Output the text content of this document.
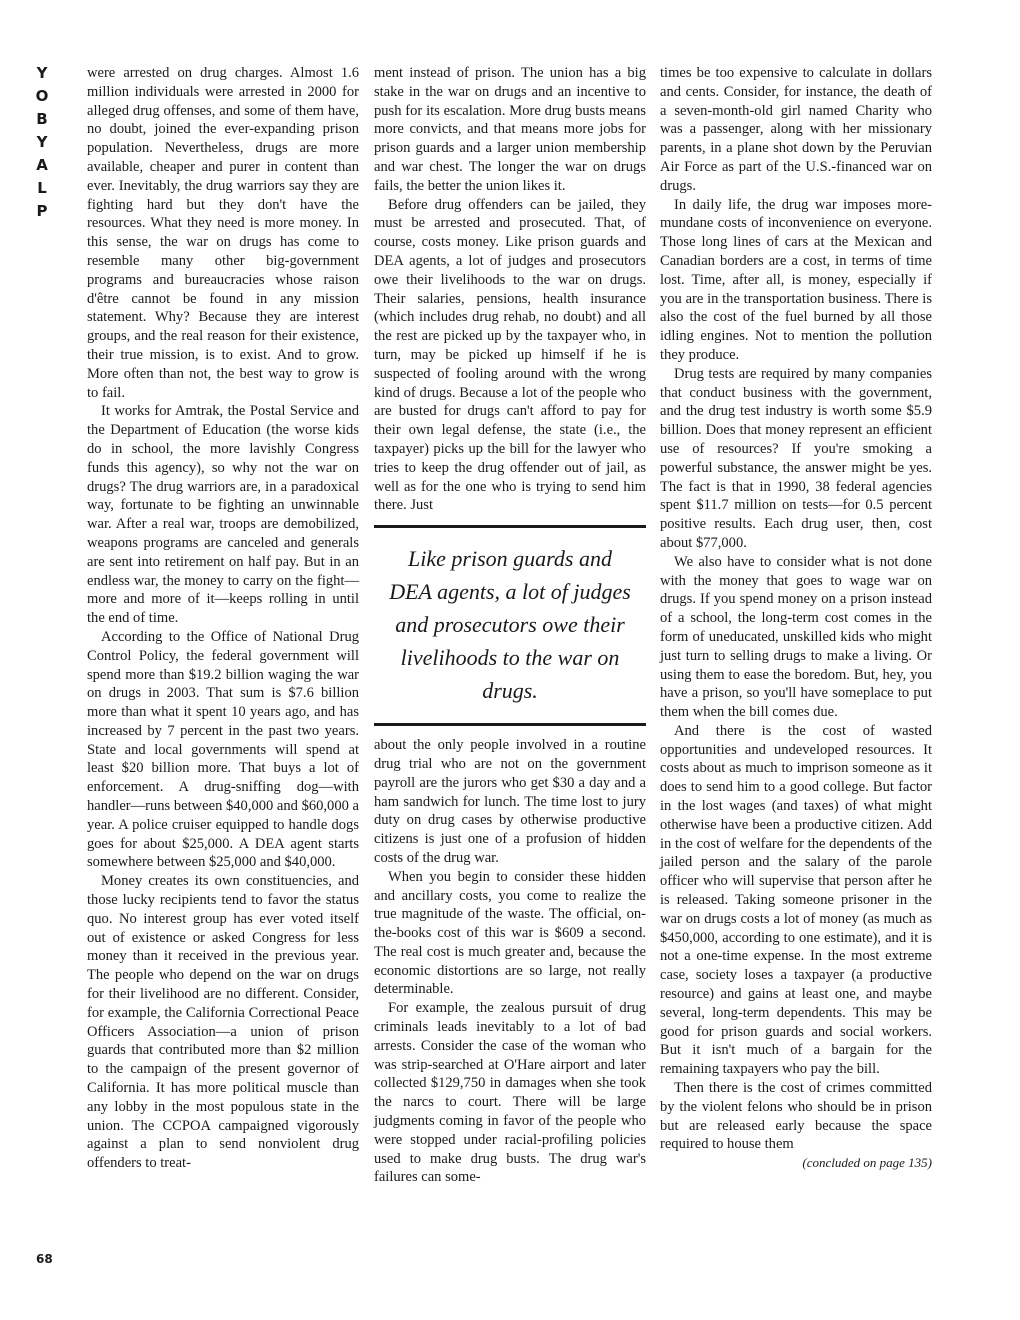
Y
O
B
Y
A
L
P

were arrested on drug charges. Almost 1.6 million individuals were arrested in 2000 for alleged drug offenses, and some of them have, no doubt, joined the ever-expanding prison population. Nevertheless, drugs are more available, cheaper and purer in content than ever. Inevitably, the drug warriors say they are fighting hard but they don't have the resources. What they need is more money. In this sense, the war on drugs has come to resemble many other big-government programs and bureaucracies whose raison d'être cannot be found in any mission statement. Why? Because they are interest groups, and the real reason for their existence, their true mission, is to exist. And to grow. More often than not, the best way to grow is to fail.

It works for Amtrak, the Postal Service and the Department of Education (the worse kids do in school, the more lavishly Congress funds this agency), so why not the war on drugs? The drug warriors are, in a paradoxical way, fortunate to be fighting an unwinnable war. After a real war, troops are demobilized, weapons programs are canceled and generals are sent into retirement on half pay. But in an endless war, the money to carry on the fight—more and more of it—keeps rolling in until the end of time.

According to the Office of National Drug Control Policy, the federal government will spend more than $19.2 billion waging the war on drugs in 2003. That sum is $7.6 billion more than what it spent 10 years ago, and has increased by 7 percent in the past two years. State and local governments will spend at least $20 billion more. That buys a lot of enforcement. A drug-sniffing dog—with handler—runs between $40,000 and $60,000 a year. A police cruiser equipped to handle dogs goes for about $25,000. A DEA agent starts somewhere between $25,000 and $40,000.

Money creates its own constituencies, and those lucky recipients tend to favor the status quo. No interest group has ever voted itself out of existence or asked Congress for less money than it received in the previous year. The people who depend on the war on drugs for their livelihood are no different. Consider, for example, the California Correctional Peace Officers Association—a union of prison guards that contributed more than $2 million to the campaign of the present governor of California. It has more political muscle than any lobby in the most populous state in the union. The CCPOA campaigned vigorously against a plan to send nonviolent drug offenders to treat-

ment instead of prison. The union has a big stake in the war on drugs and an incentive to push for its escalation. More drug busts means more convicts, and that means more jobs for prison guards and a larger union membership and war chest. The longer the war on drugs fails, the better the union likes it.

Before drug offenders can be jailed, they must be arrested and prosecuted. That, of course, costs money. Like prison guards and DEA agents, a lot of judges and prosecutors owe their livelihoods to the war on drugs. Their salaries, pensions, health insurance (which includes drug rehab, no doubt) and all the rest are picked up by the taxpayer who, in turn, may be picked up himself if he is suspected of fooling around with the wrong kind of drugs. Because a lot of the people who are busted for drugs can't afford to pay for their own legal defense, the state (i.e., the taxpayer) picks up the bill for the lawyer who tries to keep the drug offender out of jail, as well as for the one who is trying to send him there. Just

Like prison guards and DEA agents, a lot of judges and prosecutors owe their livelihoods to the war on drugs.

about the only people involved in a routine drug trial who are not on the government payroll are the jurors who get $30 a day and a ham sandwich for lunch. The time lost to jury duty on drug cases by otherwise productive citizens is just one of a profusion of hidden costs of the drug war.

When you begin to consider these hidden and ancillary costs, you come to realize the true magnitude of the waste. The official, on-the-books cost of this war is $609 a second. The real cost is much greater and, because the economic distortions are so large, not really determinable.

For example, the zealous pursuit of drug criminals leads inevitably to a lot of bad arrests. Consider the case of the woman who was strip-searched at O'Hare airport and later collected $129,750 in damages when she took the narcs to court. There will be large judgments coming in favor of the people who were stopped under racial-profiling policies used to make drug busts. The drug war's failures can some-

times be too expensive to calculate in dollars and cents. Consider, for instance, the death of a seven-month-old girl named Charity who was a passenger, along with her missionary parents, in a plane shot down by the Peruvian Air Force as part of the U.S.-financed war on drugs.

In daily life, the drug war imposes more-mundane costs of inconvenience on everyone. Those long lines of cars at the Mexican and Canadian borders are a cost, in terms of time lost. Time, after all, is money, especially if you are in the transportation business. There is also the cost of the fuel burned by all those idling engines. Not to mention the pollution they produce.

Drug tests are required by many companies that conduct business with the government, and the drug test industry is worth some $5.9 billion. Does that money represent an efficient use of resources? If you're smoking a powerful substance, the answer might be yes. The fact is that in 1990, 38 federal agencies spent $11.7 million on tests—for 0.5 percent positive results. Each drug user, then, cost about $77,000.

We also have to consider what is not done with the money that goes to wage war on drugs. If you spend money on a prison instead of a school, the long-term cost comes in the form of uneducated, unskilled kids who might just turn to selling drugs to make a living. Or using them to ease the boredom. But, hey, you have a prison, so you'll have someplace to put them when the bill comes due.

And there is the cost of wasted opportunities and undeveloped resources. It costs about as much to imprison someone as it does to send him to a good college. But factor in the lost wages (and taxes) of what might otherwise have been a productive citizen. Add in the cost of welfare for the dependents of the jailed person and the salary of the parole officer who will supervise that person after he is released. Taking someone prisoner in the war on drugs costs a lot of money (as much as $450,000, according to one estimate), and it is not a one-time expense. In the most extreme case, society loses a taxpayer (a productive resource) and gains at least one, and maybe several, long-term dependents. This may be good for prison guards and social workers. But it isn't much of a bargain for the remaining taxpayers who pay the bill.

Then there is the cost of crimes committed by the violent felons who should be in prison but are released early because the space required to house them

(concluded on page 135)
68
